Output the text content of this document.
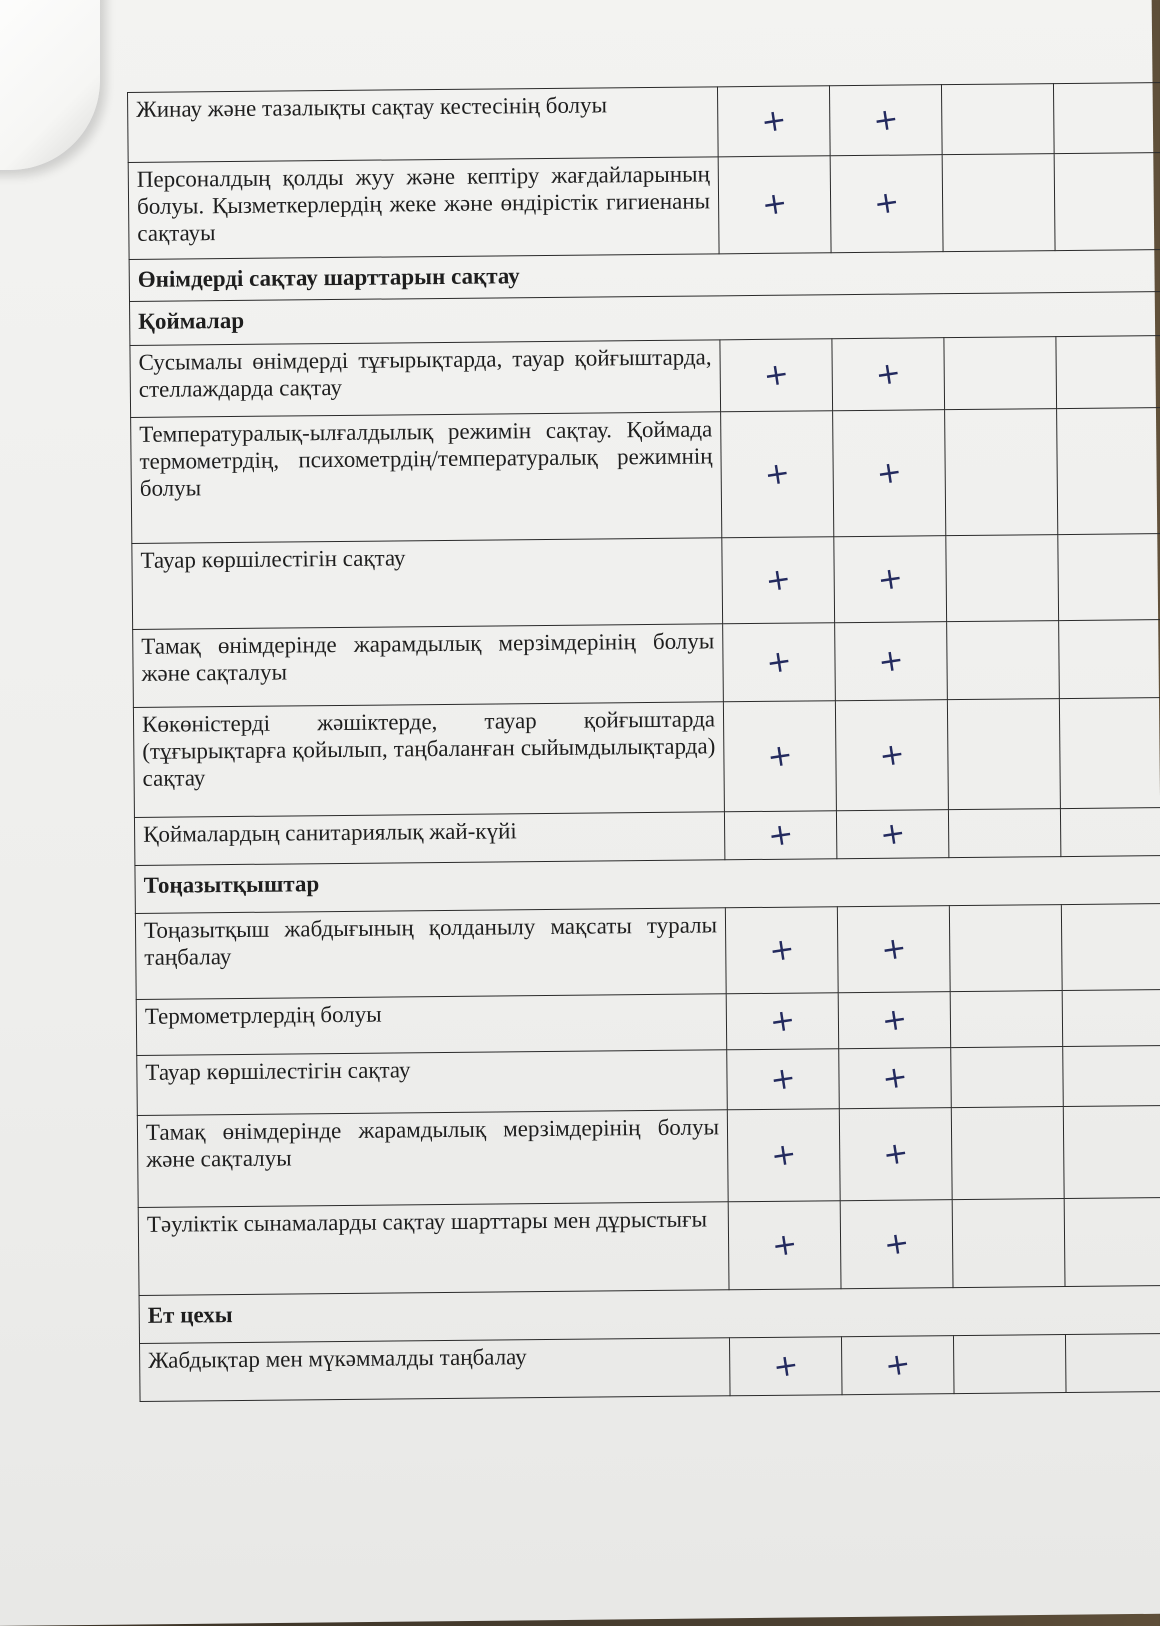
Жинау және тазалықты сақтау кестесінің болуы	+	+		
Персоналдың қолды жуу және кептіру жағдайларының болуы. Қызметкерлердің жеке және өндірістік гигиенаны сақтауы	+	+		
Өнімдерді сақтау шарттарын сақтау				
Қоймалар				
Сусымалы өнімдерді тұғырықтарда, тауар қойғыштарда, стеллаждарда сақтау	+	+		
Температуралық-ылғалдылық режимін сақтау. Қоймада термометрдің, психометрдің/температуралық режимнің болуы	+	+		
Тауар көршілестігін сақтау	+	+		
Тамақ өнімдерінде жарамдылық мерзімдерінің болуы және сақталуы	+	+		
Көкөністерді жәшіктерде, тауар қойғыштарда (тұғырықтарға қойылып, таңбаланған сыйымдылықтарда) сақтау	+	+		
Қоймалардың санитариялық жай-күйі	+	+		
Тоңазытқыштар				
Тоңазытқыш жабдығының қолданылу мақсаты туралы таңбалау	+	+		
Термометрлердің болуы	+	+		
Тауар көршілестігін сақтау	+	+		
Тамақ өнімдерінде жарамдылық мерзімдерінің болуы және сақталуы	+	+		
Тәуліктік сынамаларды сақтау шарттары мен дұрыстығы	+	+		
Ет цехы				
Жабдықтар мен мүкәммалды таңбалау	+	+		
